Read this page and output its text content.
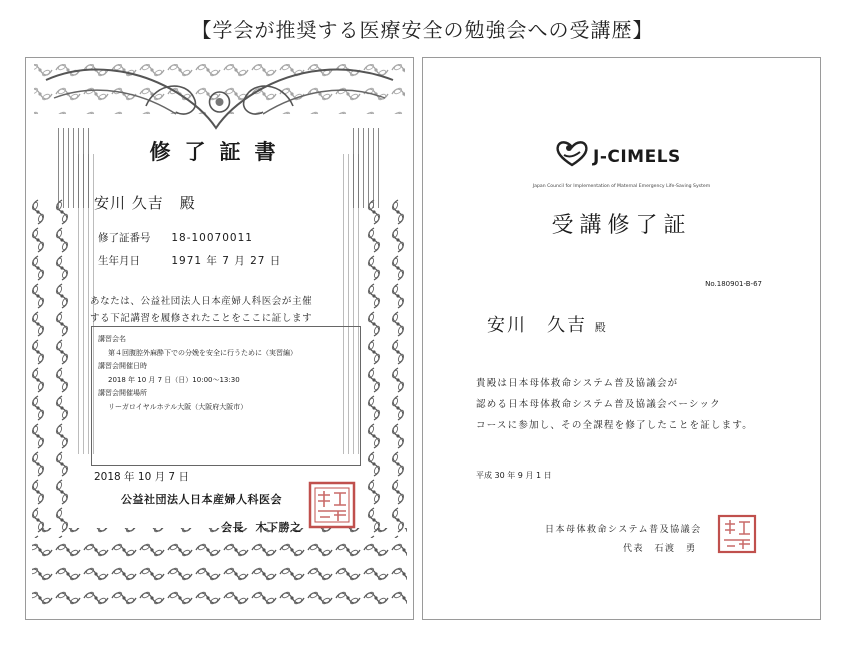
【学会が推奨する医療安全の勉強会への受講歴】
修了証書
安川 久吉　殿
修了証番号 18-10070011
生年月日	1971 年 7 月 27 日
あなたは、公益社団法人日本産婦人科医会が主催
する下記講習を履修されたことをここに証します
講習会名
第４回腹腔外麻酔下での分娩を安全に行うために（実習編）
講習会開催日時
2018 年 10 月 7 日（日）10:00～13:30
講習会開催場所
リーガロイヤルホテル大阪（大阪府大阪市）
2018 年 10 月 7 日
公益社団法人日本産婦人科医会
会長　木下勝之
J-CIMELS
Japan Council for Implementation of Maternal Emergency Life-Saving System
受講修了証
No.180901-B-67
安川　久吉 殿
貴殿は日本母体救命システム普及協議会が
認める日本母体救命システム普及協議会ベーシック
コースに参加し、その全課程を修了したことを証します。
平成 30 年 9 月 1 日
日本母体救命システム普及協議会
代表　石渡　勇
